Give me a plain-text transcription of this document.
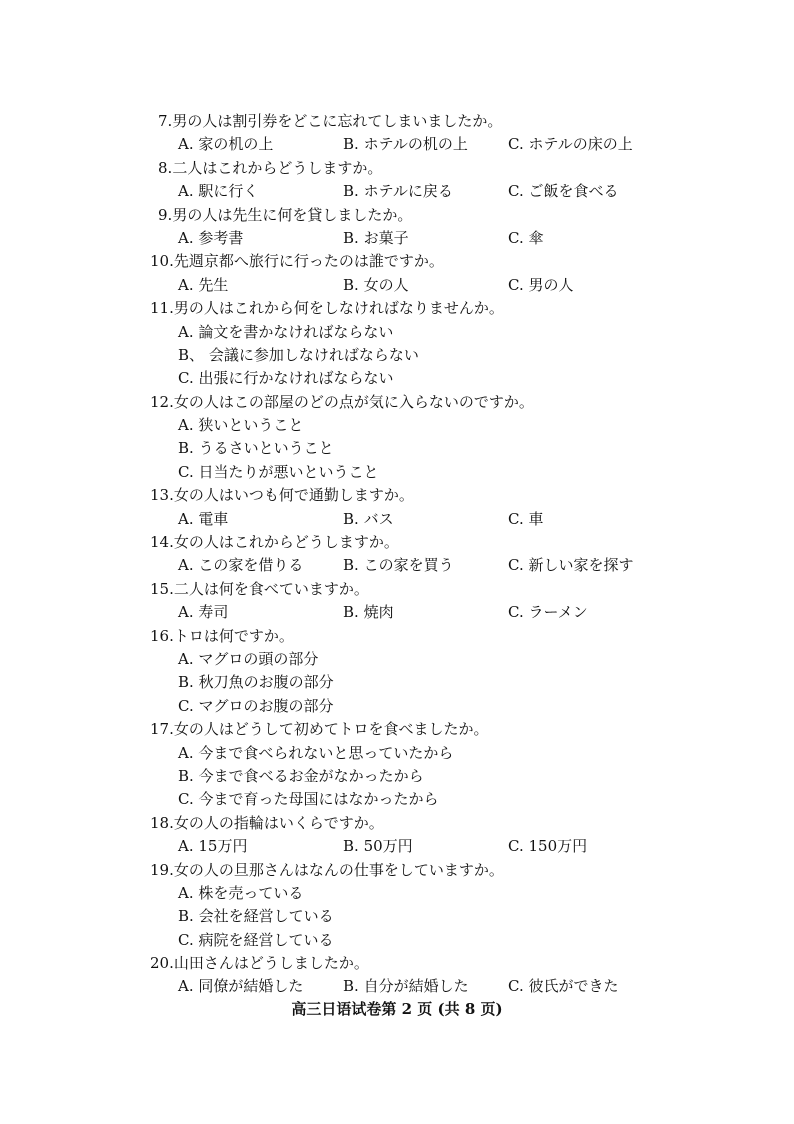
7.男の人は割引券をどこに忘れてしまいましたか。
A. 家の机の上	B. ホテルの机の上	C. ホテルの床の上
8.二人はこれからどうしますか。
A. 駅に行く	B. ホテルに戻る	C. ご飯を食べる
9.男の人は先生に何を貸しましたか。
A. 参考書	B. お菓子	C. 傘
10.先週京都へ旅行に行ったのは誰ですか。
A. 先生	B. 女の人	C. 男の人
11.男の人はこれから何をしなければなりませんか。
A. 論文を書かなければならない
B、 会議に参加しなければならない
C. 出張に行かなければならない
12.女の人はこの部屋のどの点が気に入らないのですか。
A. 狭いということ
B. うるさいということ
C. 日当たりが悪いということ
13.女の人はいつも何で通勤しますか。
A. 電車	B. バス	C. 車
14.女の人はこれからどうしますか。
A. この家を借りる	B. この家を買う	C. 新しい家を探す
15.二人は何を食べていますか。
A. 寿司	B. 焼肉	C. ラーメン
16.トロは何ですか。
A. マグロの頭の部分
B. 秋刀魚のお腹の部分
C. マグロのお腹の部分
17.女の人はどうして初めてトロを食べましたか。
A. 今まで食べられないと思っていたから
B. 今まで食べるお金がなかったから
C. 今まで育った母国にはなかったから
18.女の人の指輪はいくらですか。
A. 15万円	B. 50万円	C. 150万円
19.女の人の旦那さんはなんの仕事をしていますか。
A. 株を売っている
B. 会社を経営している
C. 病院を経営している
20.山田さんはどうしましたか。
A. 同僚が結婚した	B. 自分が結婚した	C. 彼氏ができた
高三日语试卷第 2 页 (共 8 页)
